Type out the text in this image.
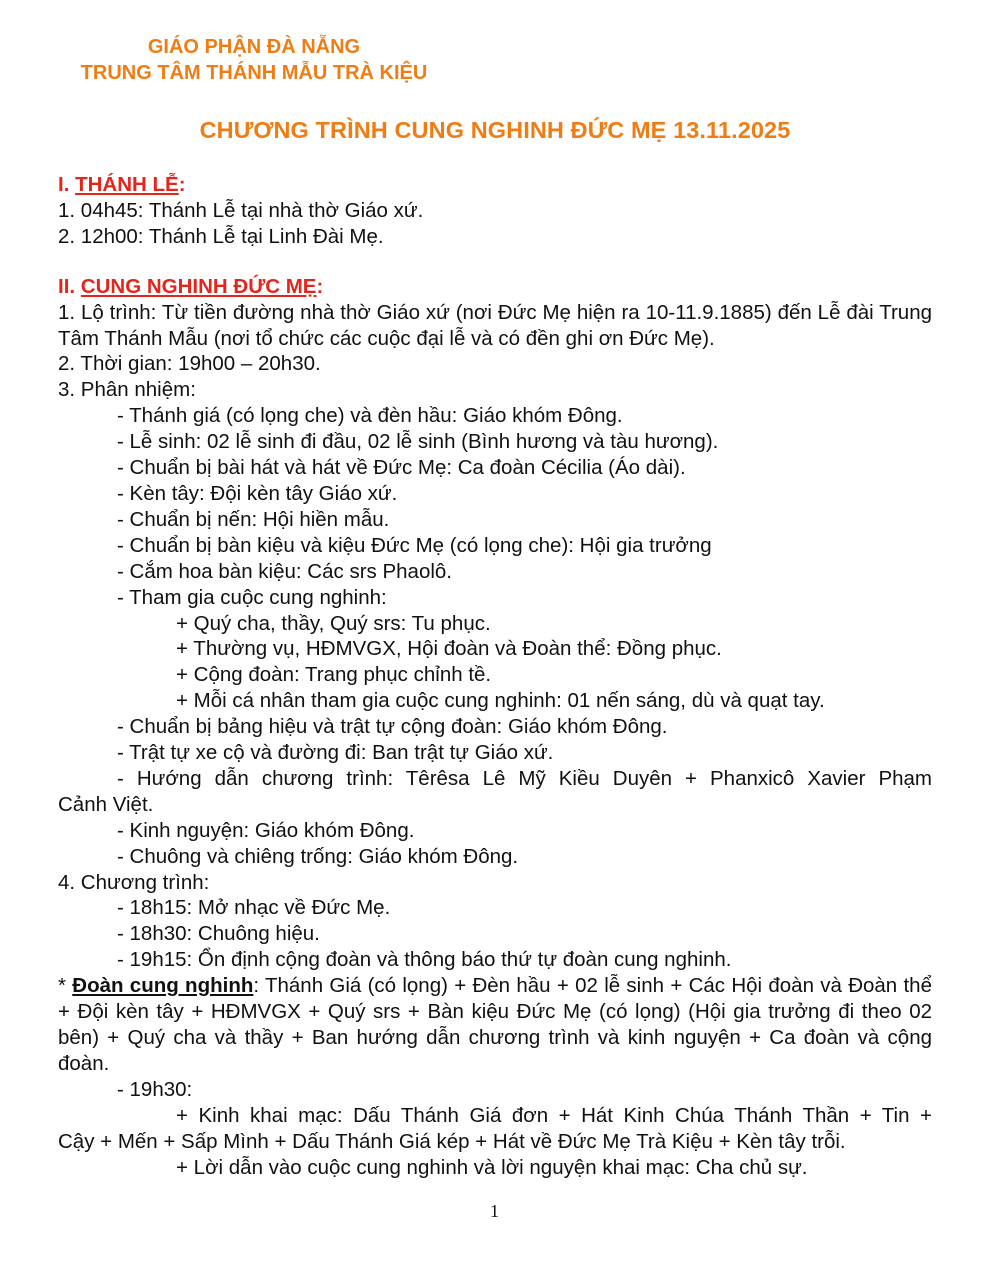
GIÁO PHẬN ĐÀ NẴNG
TRUNG TÂM THÁNH MẪU TRÀ KIỆU
CHƯƠNG TRÌNH CUNG NGHINH ĐỨC MẸ 13.11.2025
I. THÁNH LỄ:
1. 04h45: Thánh Lễ tại nhà thờ Giáo xứ.
2. 12h00: Thánh Lễ tại Linh Đài Mẹ.
II. CUNG NGHINH ĐỨC MẸ:
1. Lộ trình: Từ tiền đường nhà thờ Giáo xứ (nơi Đức Mẹ hiện ra 10-11.9.1885) đến Lễ đài Trung Tâm Thánh Mẫu (nơi tổ chức các cuộc đại lễ và có đền ghi ơn Đức Mẹ).
2. Thời gian: 19h00 – 20h30.
3. Phân nhiệm:
- Thánh giá (có lọng che) và đèn hầu: Giáo khóm Đông.
- Lễ sinh: 02 lễ sinh đi đầu, 02 lễ sinh (Bình hương và tàu hương).
- Chuẩn bị bài hát và hát về Đức Mẹ: Ca đoàn Cécilia (Áo dài).
- Kèn tây: Đội kèn tây Giáo xứ.
- Chuẩn bị nến: Hội hiền mẫu.
- Chuẩn bị bàn kiệu và kiệu Đức Mẹ (có lọng che): Hội gia trưởng
- Cắm hoa bàn kiệu: Các srs Phaolô.
- Tham gia cuộc cung nghinh:
+ Quý cha, thầy, Quý srs: Tu phục.
+ Thường vụ, HĐMVGX, Hội đoàn và Đoàn thể: Đồng phục.
+ Cộng đoàn: Trang phục chỉnh tề.
+ Mỗi cá nhân tham gia cuộc cung nghinh: 01 nến sáng, dù và quạt tay.
- Chuẩn bị bảng hiệu và trật tự cộng đoàn: Giáo khóm Đông.
- Trật tự xe cộ và đường đi: Ban trật tự Giáo xứ.
- Hướng dẫn chương trình: Têrêsa Lê Mỹ Kiều Duyên + Phanxicô Xavier Phạm
Cảnh Việt.
- Kinh nguyện: Giáo khóm Đông.
- Chuông và chiêng trống: Giáo khóm Đông.
4. Chương trình:
- 18h15: Mở nhạc về Đức Mẹ.
- 18h30: Chuông hiệu.
- 19h15: Ổn định cộng đoàn và thông báo thứ tự đoàn cung nghinh.
* Đoàn cung nghinh: Thánh Giá (có lọng) + Đèn hầu + 02 lễ sinh + Các Hội đoàn và Đoàn thể + Đội kèn tây + HĐMVGX + Quý srs + Bàn kiệu Đức Mẹ (có lọng) (Hội gia trưởng đi theo 02 bên) + Quý cha và thầy + Ban hướng dẫn chương trình và kinh nguyện + Ca đoàn và cộng đoàn.
- 19h30:
+ Kinh khai mạc: Dấu Thánh Giá đơn + Hát Kinh Chúa Thánh Thần + Tin +
Cậy + Mến + Sấp Mình + Dấu Thánh Giá kép + Hát về Đức Mẹ Trà Kiệu + Kèn tây trỗi.
+ Lời dẫn vào cuộc cung nghinh và lời nguyện khai mạc: Cha chủ sự.
1
